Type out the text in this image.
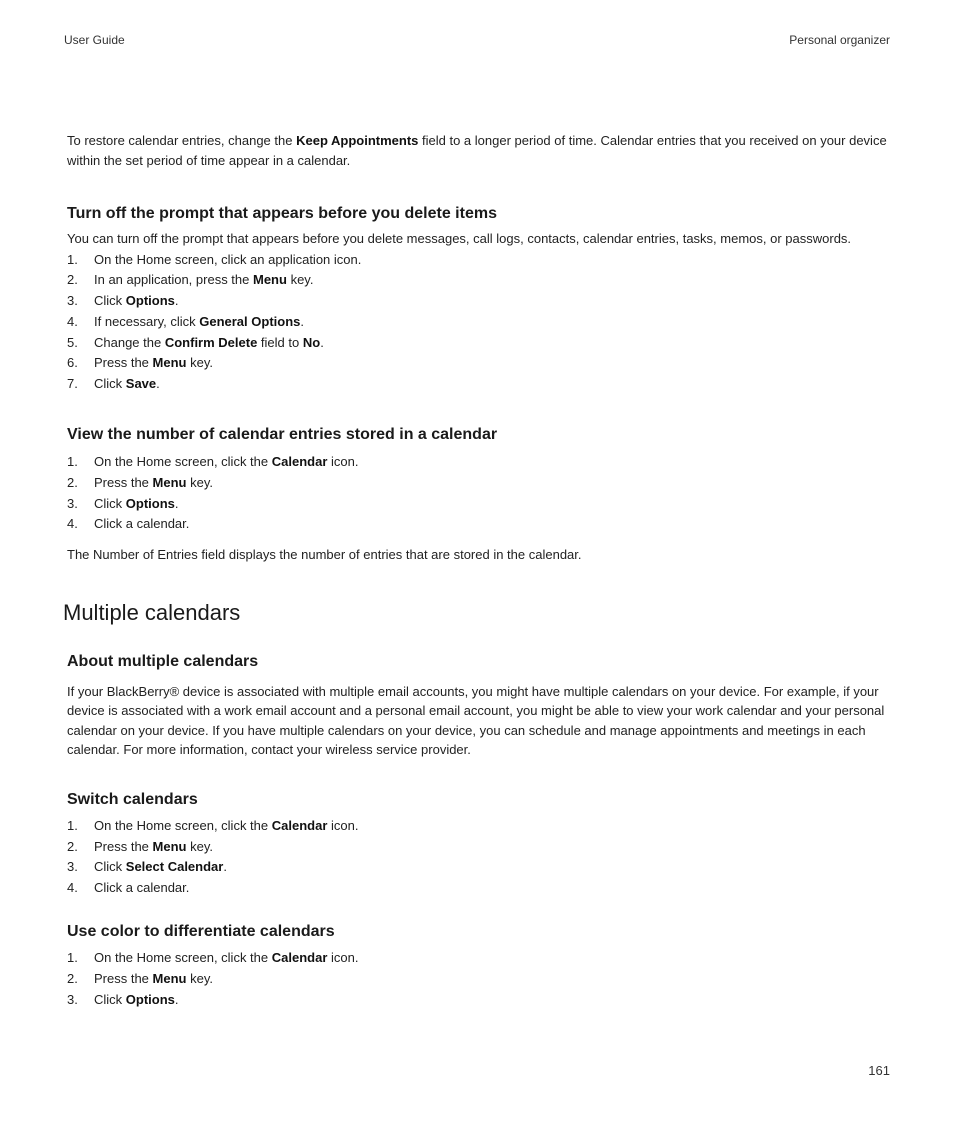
User Guide	Personal organizer

To restore calendar entries, change the Keep Appointments field to a longer period of time. Calendar entries that you received on your device within the set period of time appear in a calendar.

Turn off the prompt that appears before you delete items

You can turn off the prompt that appears before you delete messages, call logs, contacts, calendar entries, tasks, memos, or passwords.

1.	On the Home screen, click an application icon.
2.	In an application, press the Menu key.
3.	Click Options.
4.	If necessary, click General Options.
5.	Change the Confirm Delete field to No.
6.	Press the Menu key.
7.	Click Save.
View the number of calendar entries stored in a calendar
1.	On the Home screen, click the Calendar icon.
2.	Press the Menu key.
3.	Click Options.
4.	Click a calendar.

The Number of Entries field displays the number of entries that are stored in the calendar.

Multiple calendars
About multiple calendars

If your BlackBerry® device is associated with multiple email accounts, you might have multiple calendars on your device. For example, if your device is associated with a work email account and a personal email account, you might be able to view your work calendar and your personal calendar on your device. If you have multiple calendars on your device, you can schedule and manage appointments and meetings in each calendar. For more information, contact your wireless service provider.

Switch calendars
1.	On the Home screen, click the Calendar icon.
2.	Press the Menu key.
3.	Click Select Calendar.
4.	Click a calendar.
Use color to differentiate calendars
1.	On the Home screen, click the Calendar icon.
2.	Press the Menu key.
3.	Click Options.
161
